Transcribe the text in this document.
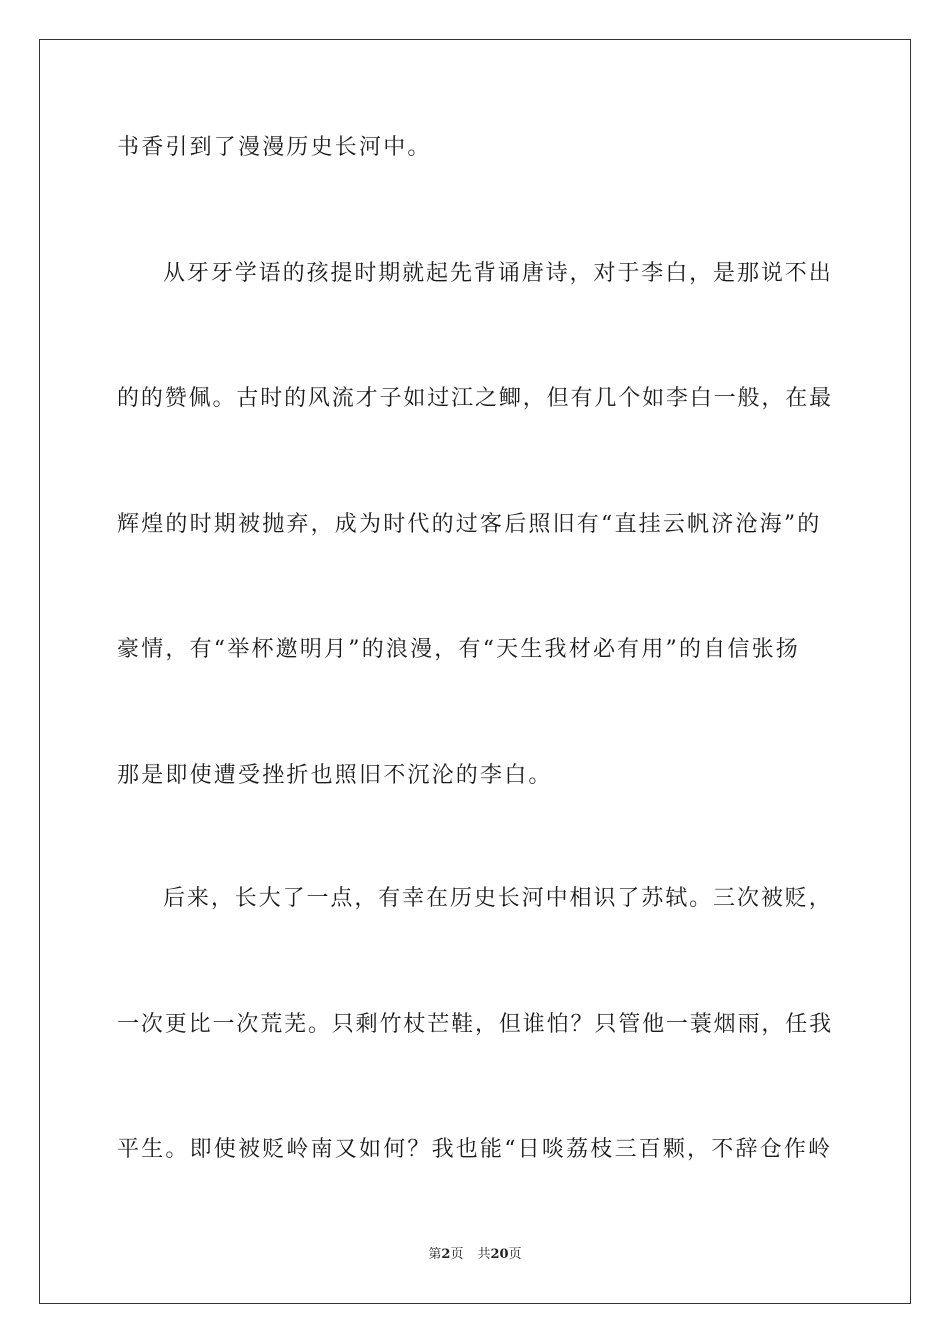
书香引到了漫漫历史长河中。
从牙牙学语的孩提时期就起先背诵唐诗，对于李白，是那说不出
的的赞佩。古时的风流才子如过江之鲫，但有几个如李白一般，在最
辉煌的时期被抛弃，成为时代的过客后照旧有“直挂云帆济沧海”的
豪情，有“举杯邀明月”的浪漫，有“天生我材必有用”的自信张扬
那是即使遭受挫折也照旧不沉沦的李白。
后来，长大了一点，有幸在历史长河中相识了苏轼。三次被贬，
一次更比一次荒芜。只剩竹杖芒鞋，但谁怕？只管他一蓑烟雨，任我
平生。即使被贬岭南又如何？我也能“日啖荔枝三百颗，不辞仓作岭
第2页 共20页
